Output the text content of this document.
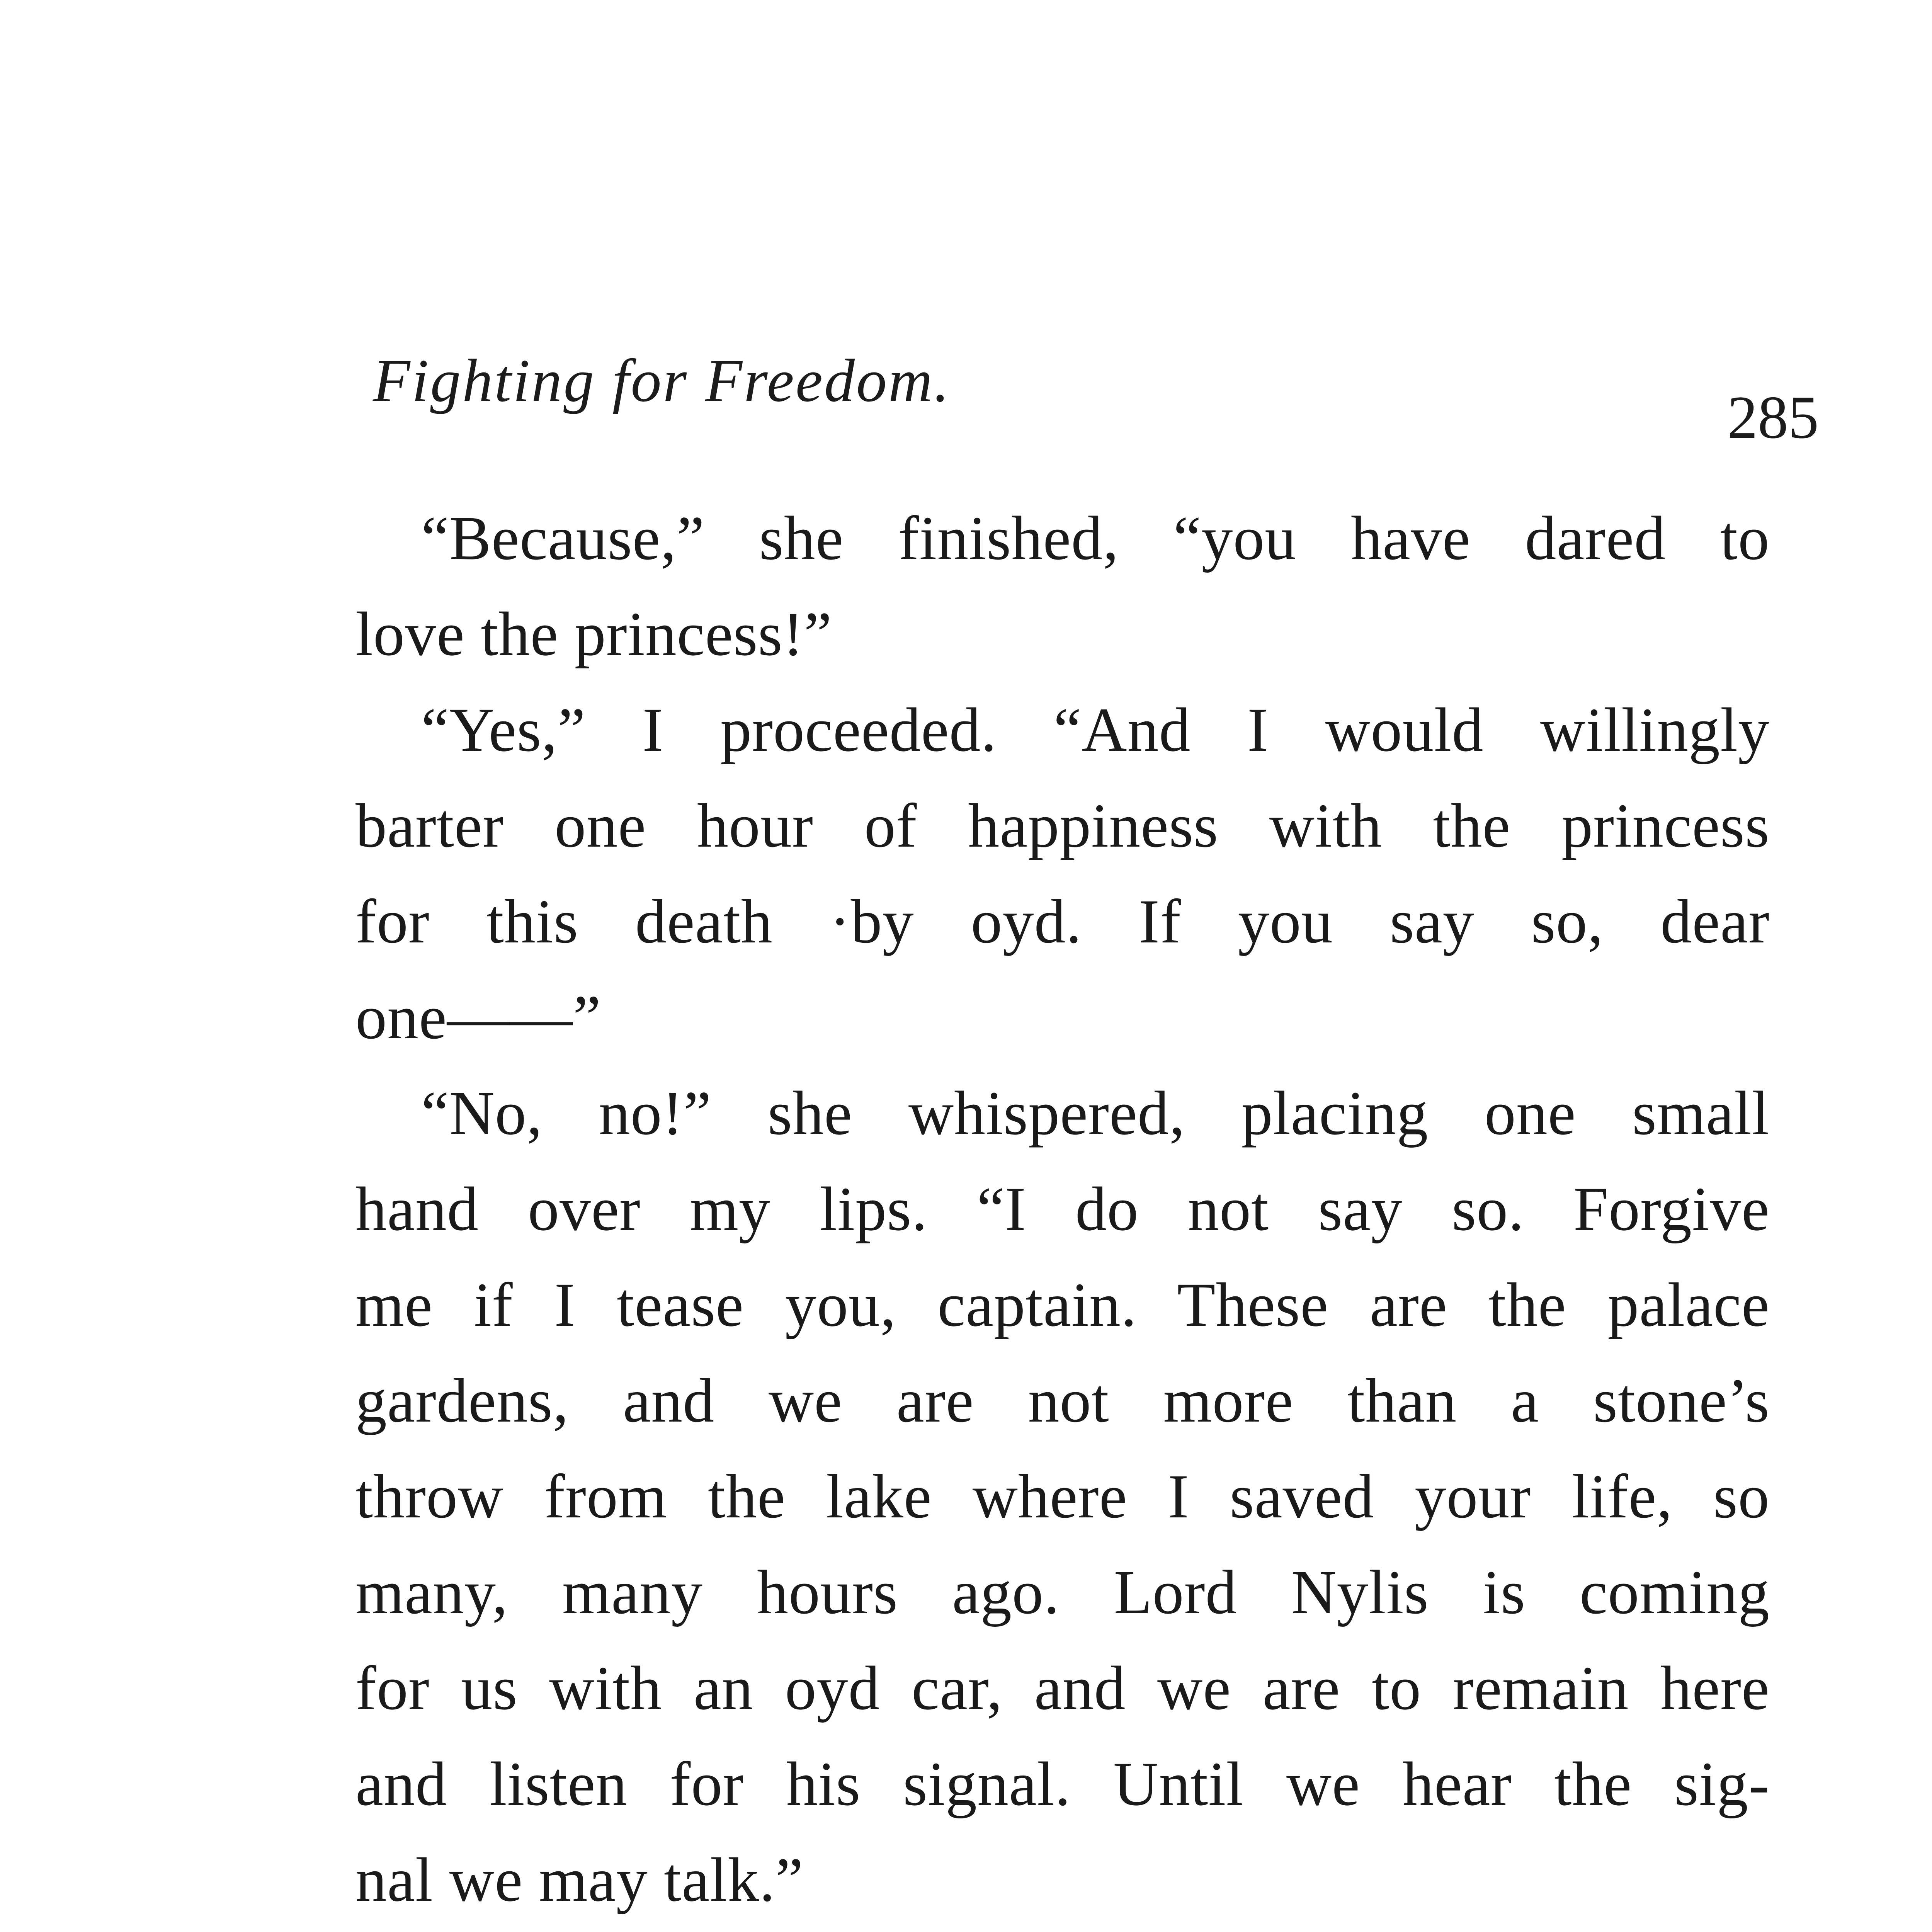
Fighting for Freedom.
285
“Because,” she finished, “you have dared to
love the princess!”
“Yes,” I proceeded. “And I would willingly
barter one hour of happiness with the princess
for this death ·by oyd. If you say so, dear
one——”
“No, no!” she whispered, placing one small
hand over my lips. “I do not say so. Forgive
me if I tease you, captain. These are the palace
gardens, and we are not more than a stone’s
throw from the lake where I saved your life, so
many, many hours ago. Lord Nylis is coming
for us with an oyd car, and we are to remain here
and listen for his signal. Until we hear the sig-
nal we may talk.”
